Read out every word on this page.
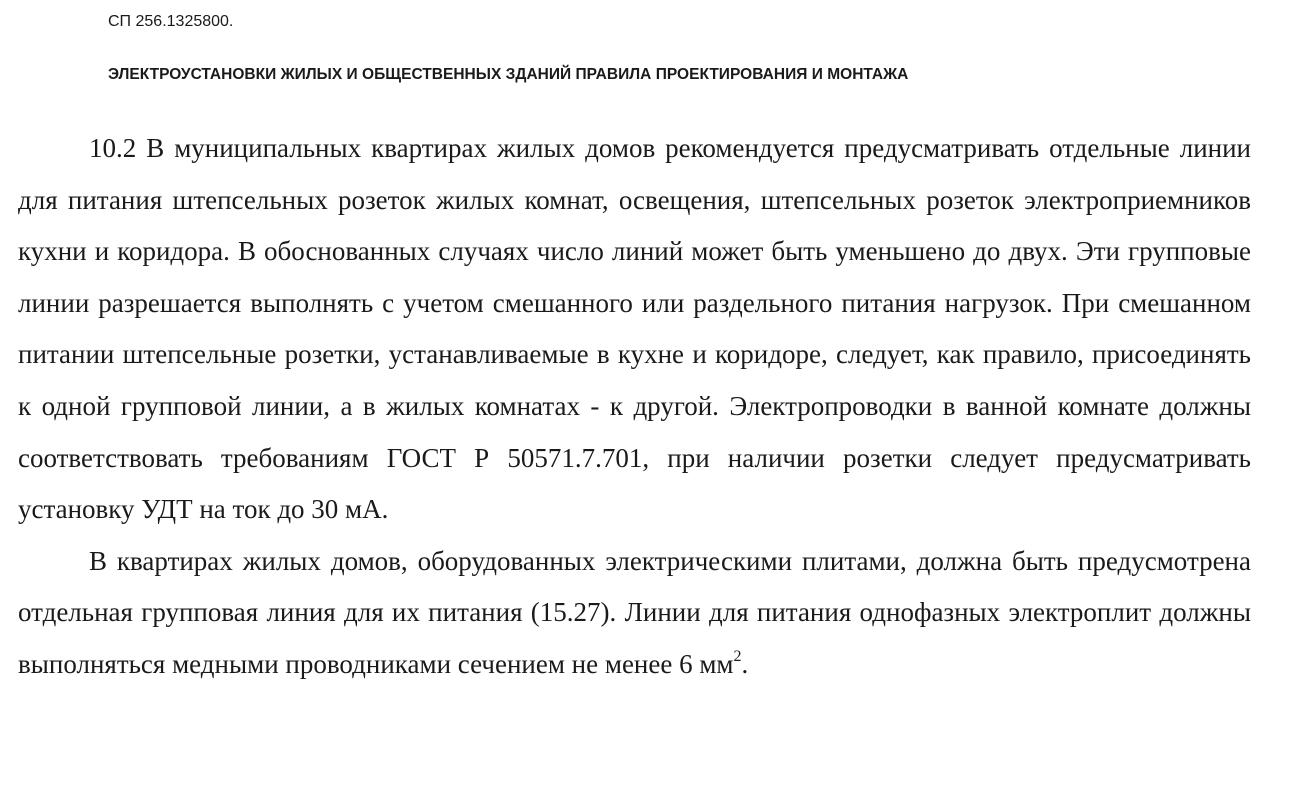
СП 256.1325800.
ЭЛЕКТРОУСТАНОВКИ ЖИЛЫХ И ОБЩЕСТВЕННЫХ ЗДАНИЙ ПРАВИЛА ПРОЕКТИРОВАНИЯ И МОНТАЖА

10.2 В муниципальных квартирах жилых домов рекомендуется предусматривать отдельные линии для питания штепсельных розеток жилых комнат, освещения, штепсельных розеток электроприемников кухни и коридора. В обоснованных случаях число линий может быть уменьшено до двух. Эти групповые линии разрешается выполнять с учетом смешанного или раздельного питания нагрузок. При смешанном питании штепсельные розетки, устанавливаемые в кухне и коридоре, следует, как правило, присоединять к одной групповой линии, а в жилых комнатах - к другой. Электропроводки в ванной комнате должны соответствовать требованиям ГОСТ Р 50571.7.701, при наличии розетки следует предусматривать установку УДТ на ток до 30 мА.

В квартирах жилых домов, оборудованных электрическими плитами, должна быть предусмотрена отдельная групповая линия для их питания (15.27). Линии для питания однофазных электроплит должны выполняться медными проводниками сечением не менее 6 $мм^2$.
